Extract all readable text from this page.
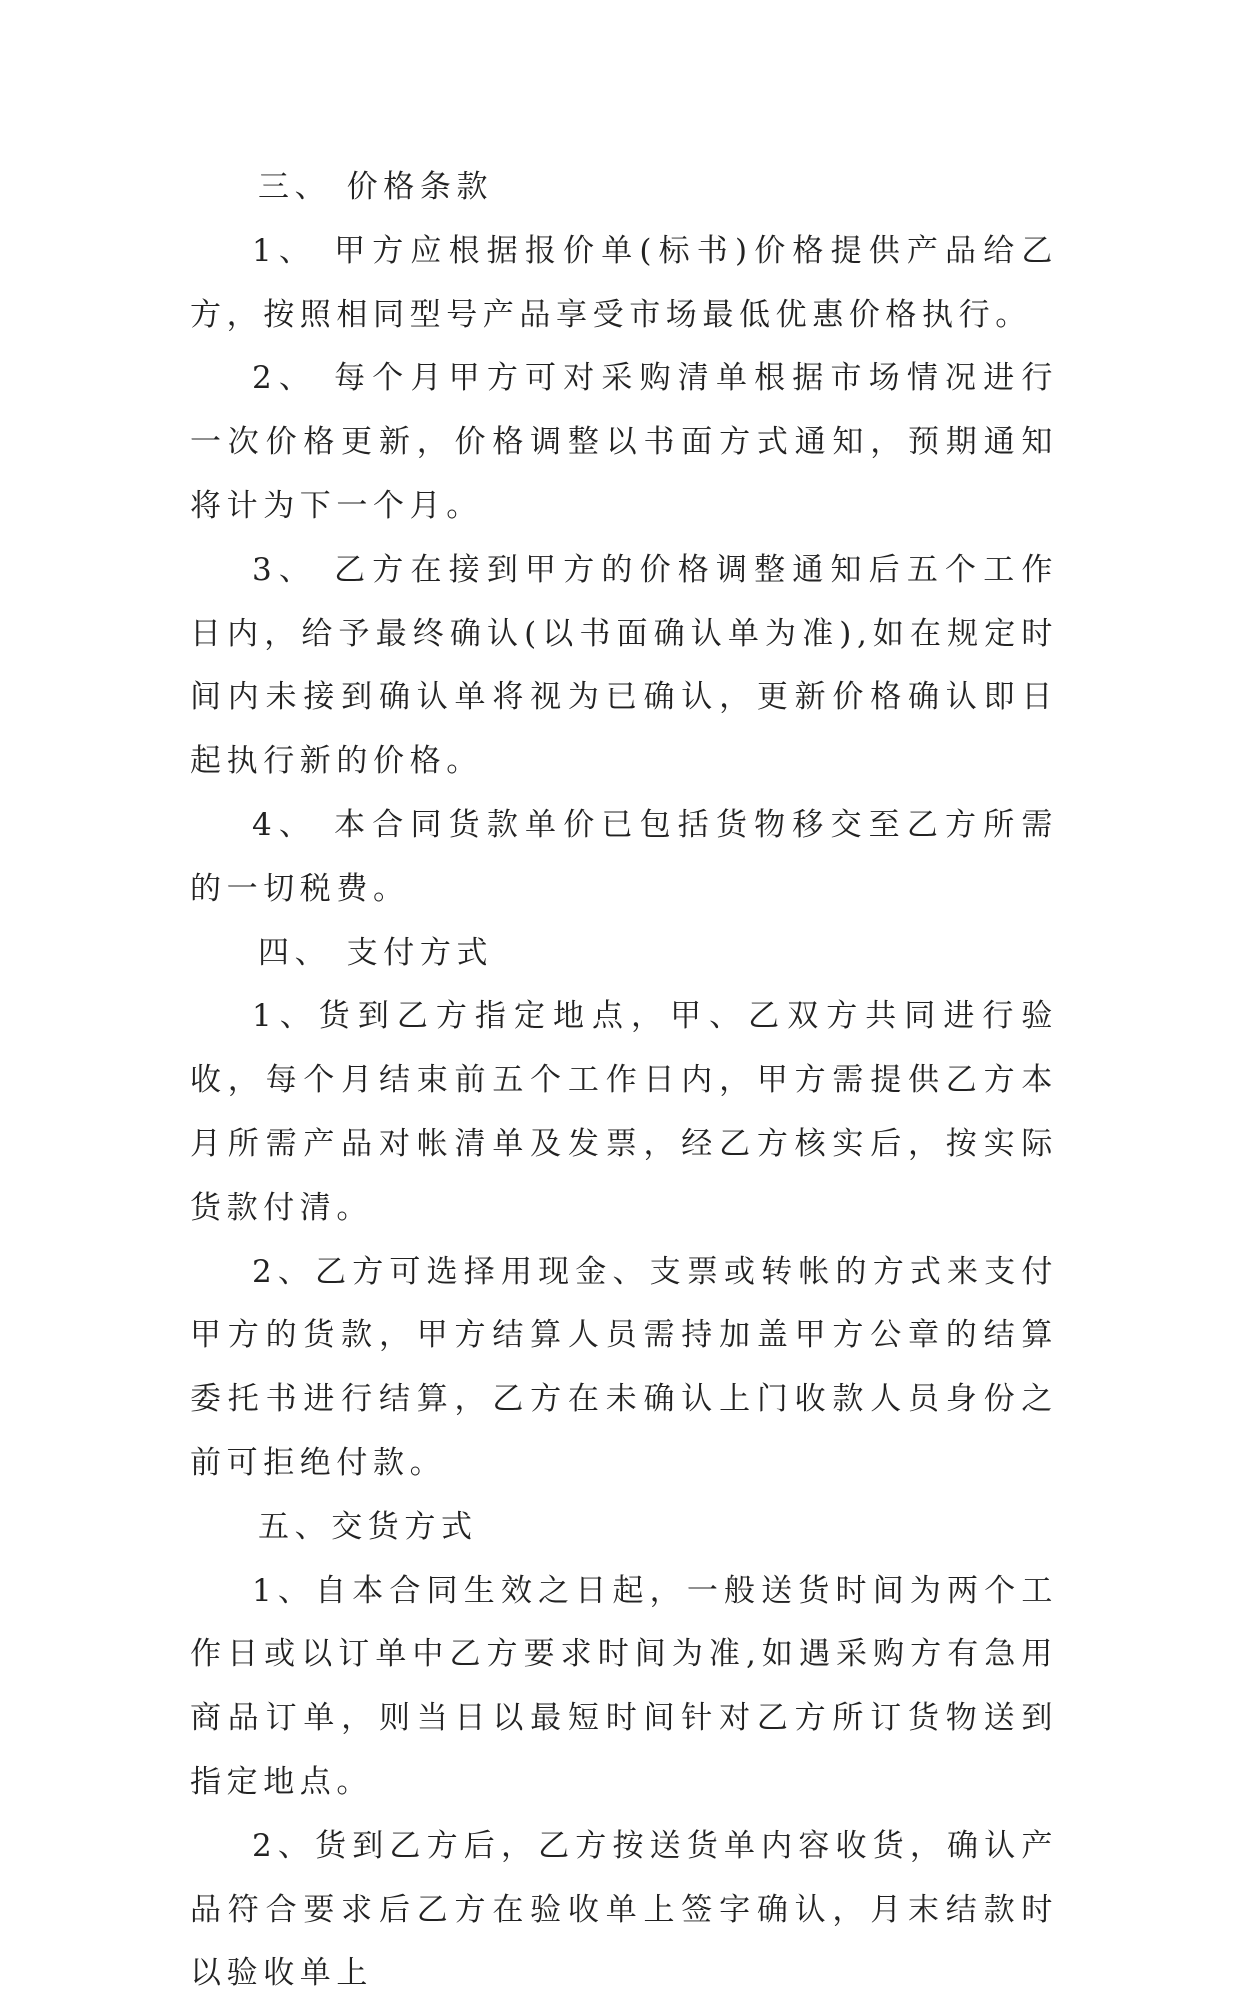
三、 价格条款

1、 甲方应根据报价单(标书)价格提供产品给乙方，按照相同型号产品享受市场最低优惠价格执行。

2、 每个月甲方可对采购清单根据市场情况进行一次价格更新，价格调整以书面方式通知，预期通知将计为下一个月。

3、 乙方在接到甲方的价格调整通知后五个工作日内，给予最终确认(以书面确认单为准),如在规定时间内未接到确认单将视为已确认，更新价格确认即日起执行新的价格。

4、 本合同货款单价已包括货物移交至乙方所需的一切税费。

四、 支付方式

1、货到乙方指定地点，甲、乙双方共同进行验收，每个月结束前五个工作日内，甲方需提供乙方本月所需产品对帐清单及发票，经乙方核实后，按实际货款付清。

2、乙方可选择用现金、支票或转帐的方式来支付甲方的货款，甲方结算人员需持加盖甲方公章的结算委托书进行结算，乙方在未确认上门收款人员身份之前可拒绝付款。

五、交货方式

1、自本合同生效之日起，一般送货时间为两个工作日或以订单中乙方要求时间为准,如遇采购方有急用商品订单，则当日以最短时间针对乙方所订货物送到指定地点。

2、货到乙方后，乙方按送货单内容收货，确认产品符合要求后乙方在验收单上签字确认，月末结款时以验收单上
